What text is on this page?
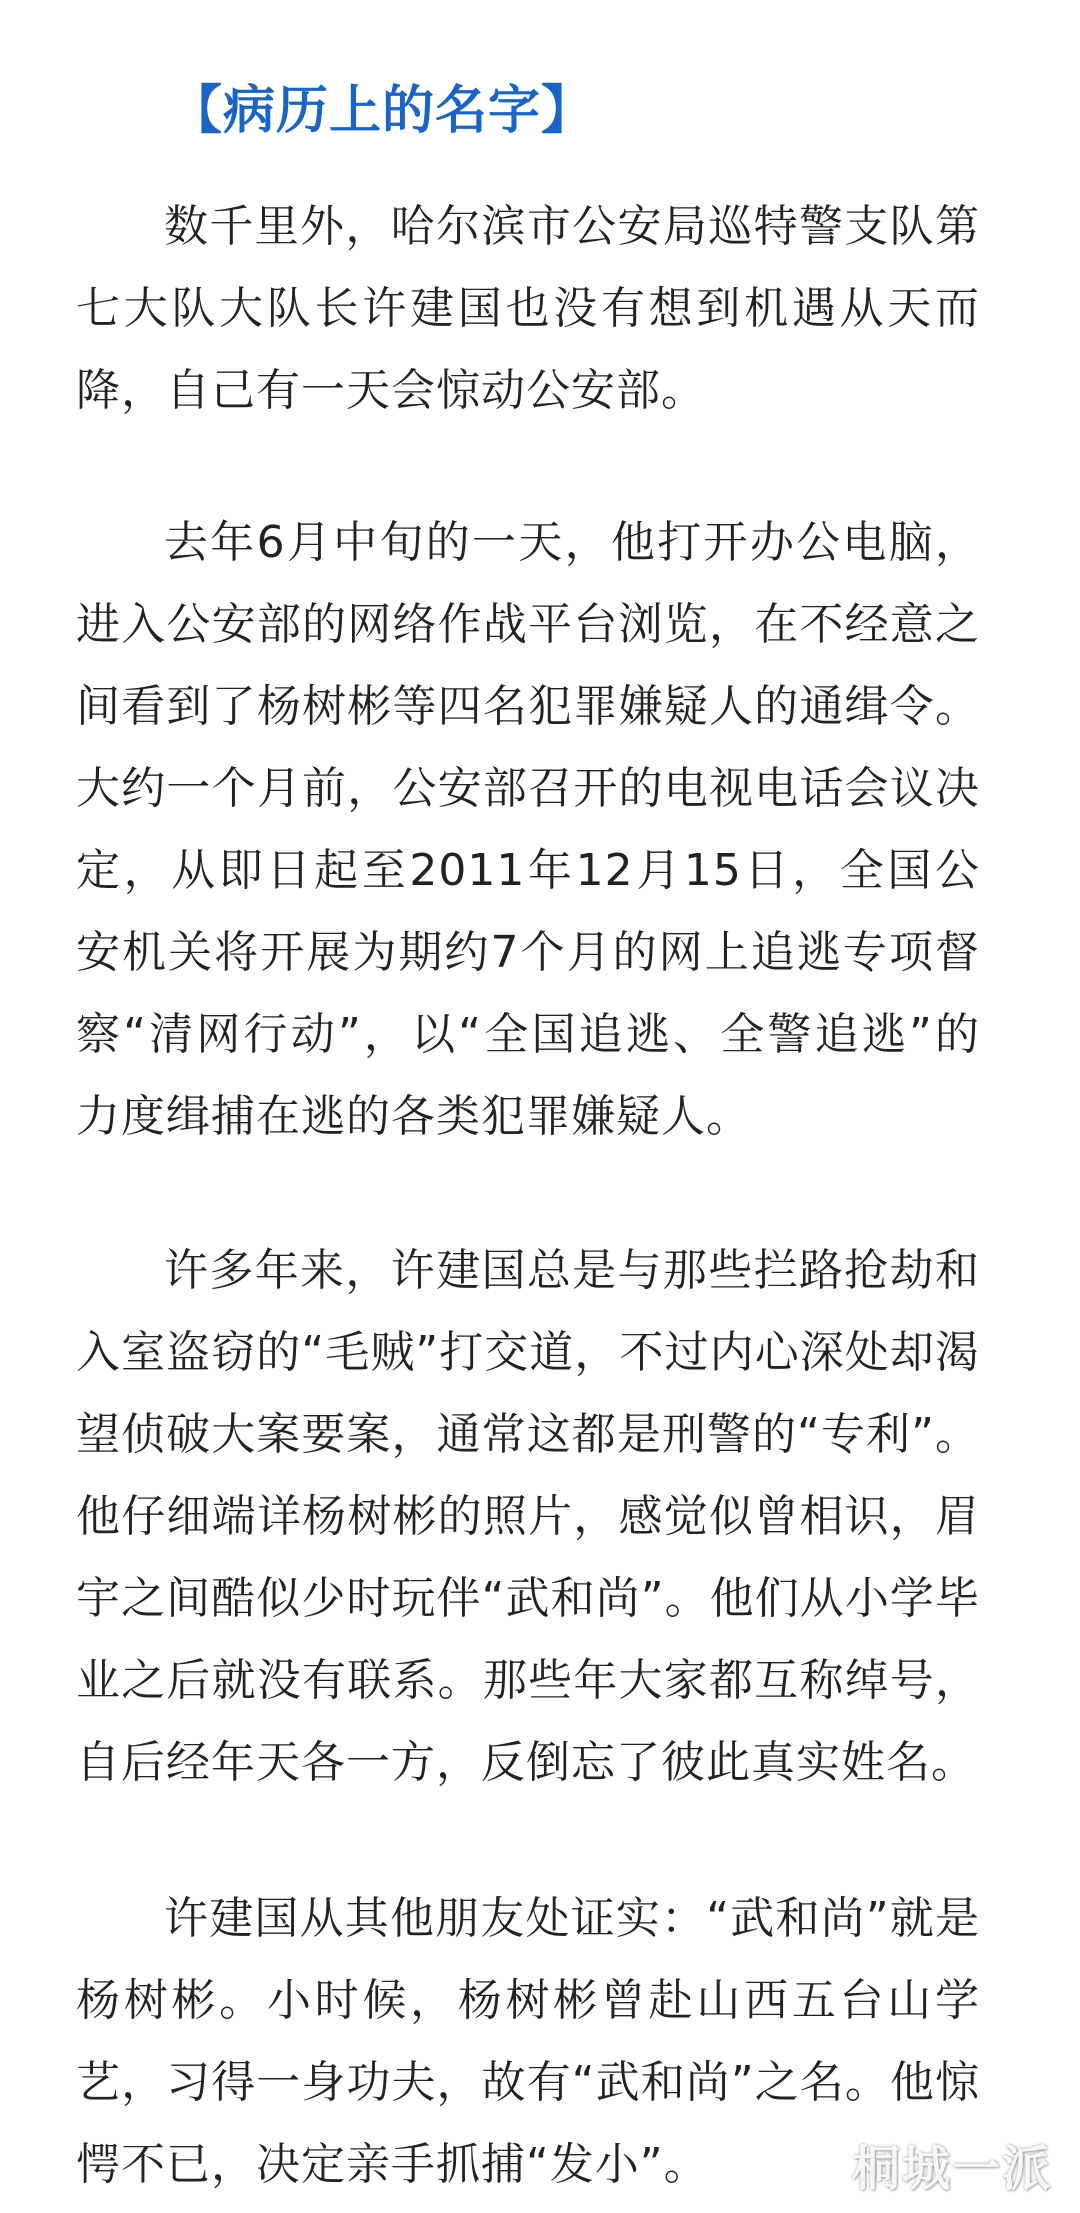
【病历上的名字】

数千里外，哈尔滨市公安局巡特警支队第七大队大队长许建国也没有想到机遇从天而降，自己有一天会惊动公安部。

去年6月中旬的一天，他打开办公电脑，进入公安部的网络作战平台浏览，在不经意之间看到了杨树彬等四名犯罪嫌疑人的通缉令。大约一个月前，公安部召开的电视电话会议决定，从即日起至2011年12月15日，全国公安机关将开展为期约7个月的网上追逃专项督察“清网行动”，以“全国追逃、全警追逃”的力度缉捕在逃的各类犯罪嫌疑人。

许多年来，许建国总是与那些拦路抢劫和入室盗窃的“毛贼”打交道，不过内心深处却渴望侦破大案要案，通常这都是刑警的“专利”。他仔细端详杨树彬的照片，感觉似曾相识，眉宇之间酷似少时玩伴“武和尚”。他们从小学毕业之后就没有联系。那些年大家都互称绰号，自后经年天各一方，反倒忘了彼此真实姓名。

许建国从其他朋友处证实：“武和尚”就是杨树彬。小时候，杨树彬曾赴山西五台山学艺，习得一身功夫，故有“武和尚”之名。他惊愕不已，决定亲手抓捕“发小”。	桐城一派
